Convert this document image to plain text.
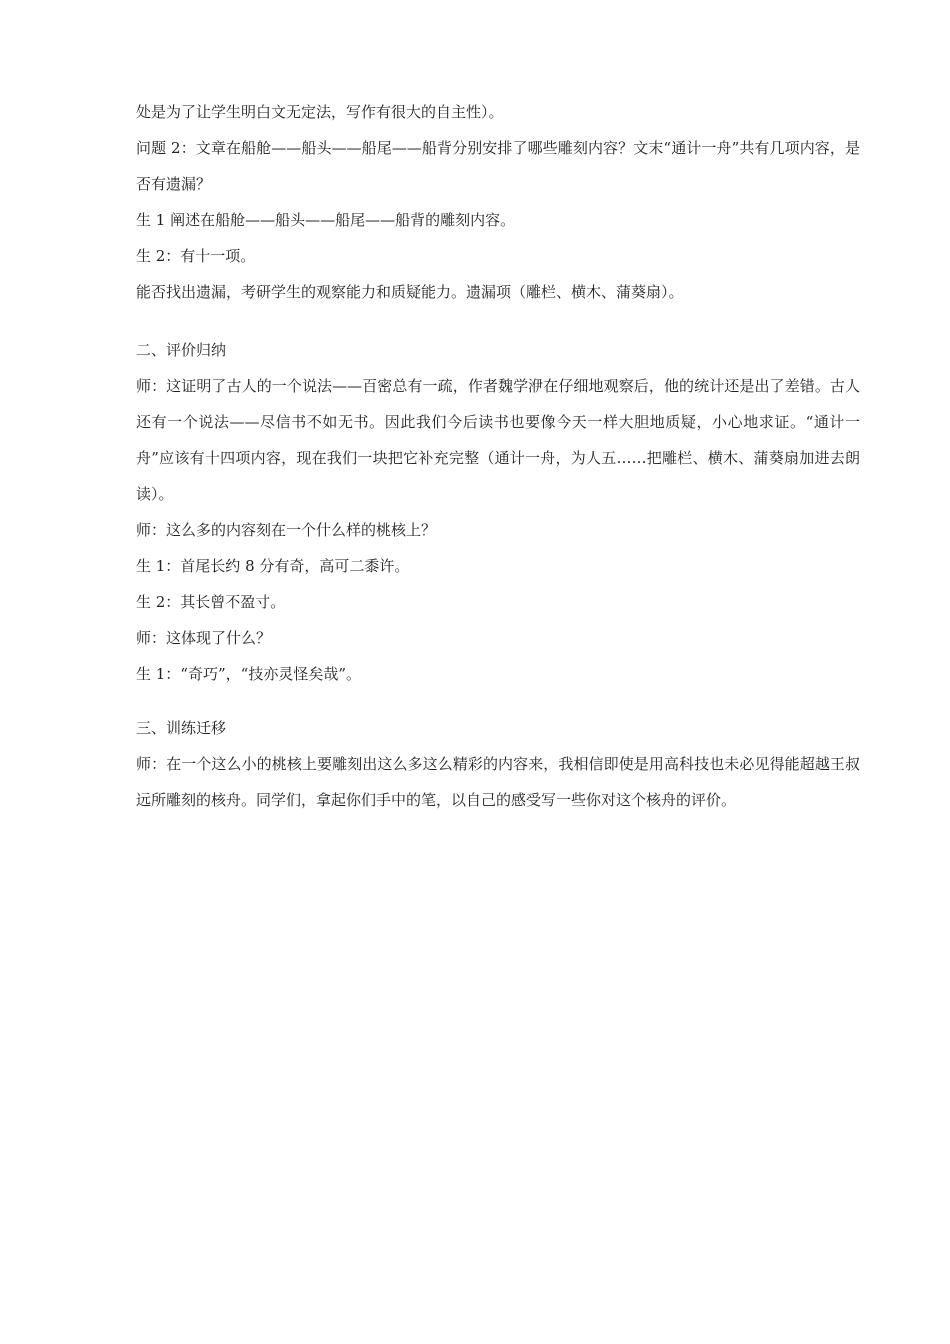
处是为了让学生明白文无定法，写作有很大的自主性）。

问题 2：文章在船舱——船头——船尾——船背分别安排了哪些雕刻内容？文末“通计一舟”共有几项内容，是否有遗漏？

生 1 阐述在船舱——船头——船尾——船背的雕刻内容。

生 2：有十一项。

能否找出遗漏，考研学生的观察能力和质疑能力。遗漏项（雕栏、横木、蒲葵扇）。

二、评价归纳

师：这证明了古人的一个说法——百密总有一疏，作者魏学洢在仔细地观察后，他的统计还是出了差错。古人还有一个说法——尽信书不如无书。因此我们今后读书也要像今天一样大胆地质疑，小心地求证。“通计一舟”应该有十四项内容，现在我们一块把它补充完整（通计一舟，为人五……把雕栏、横木、蒲葵扇加进去朗读）。

师：这么多的内容刻在一个什么样的桃核上？

生 1：首尾长约 8 分有奇，高可二黍许。

生 2：其长曾不盈寸。

师：这体现了什么？

生 1：“奇巧”，“技亦灵怪矣哉”。

三、训练迁移

师：在一个这么小的桃核上要雕刻出这么多这么精彩的内容来，我相信即使是用高科技也未必见得能超越王叔远所雕刻的核舟。同学们，拿起你们手中的笔，以自己的感受写一些你对这个核舟的评价。
